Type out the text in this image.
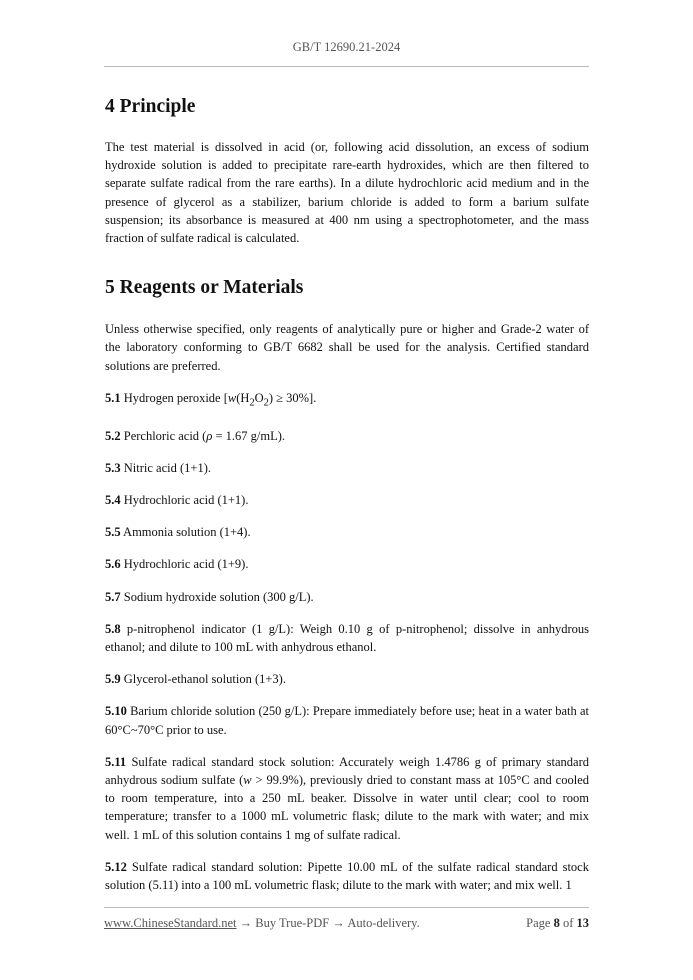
GB/T 12690.21-2024
4 Principle

The test material is dissolved in acid (or, following acid dissolution, an excess of sodium hydroxide solution is added to precipitate rare-earth hydroxides, which are then filtered to separate sulfate radical from the rare earths). In a dilute hydrochloric acid medium and in the presence of glycerol as a stabilizer, barium chloride is added to form a barium sulfate suspension; its absorbance is measured at 400 nm using a spectrophotometer, and the mass fraction of sulfate radical is calculated.

5 Reagents or Materials

Unless otherwise specified, only reagents of analytically pure or higher and Grade-2 water of the laboratory conforming to GB/T 6682 shall be used for the analysis. Certified standard solutions are preferred.

5.1 Hydrogen peroxide $[w(H_2O_2) \ge 30\%]$.

5.2 Perchloric acid (ρ = 1.67 g/mL).

5.3 Nitric acid (1+1).

5.4 Hydrochloric acid (1+1).

5.5 Ammonia solution (1+4).

5.6 Hydrochloric acid (1+9).

5.7 Sodium hydroxide solution (300 g/L).

5.8 p-nitrophenol indicator (1 g/L): Weigh 0.10 g of p-nitrophenol; dissolve in anhydrous ethanol; and dilute to 100 mL with anhydrous ethanol.

5.9 Glycerol-ethanol solution (1+3).

5.10 Barium chloride solution (250 g/L): Prepare immediately before use; heat in a water bath at 60°C~70°C prior to use.

5.11 Sulfate radical standard stock solution: Accurately weigh 1.4786 g of primary standard anhydrous sodium sulfate (w > 99.9%), previously dried to constant mass at 105°C and cooled to room temperature, into a 250 mL beaker. Dissolve in water until clear; cool to room temperature; transfer to a 1000 mL volumetric flask; dilute to the mark with water; and mix well. 1 mL of this solution contains 1 mg of sulfate radical.

5.12 Sulfate radical standard solution: Pipette 10.00 mL of the sulfate radical standard stock solution (5.11) into a 100 mL volumetric flask; dilute to the mark with water; and mix well. 1

www.ChineseStandard.net → Buy True-PDF → Auto-delivery.	Page 8 of 13
